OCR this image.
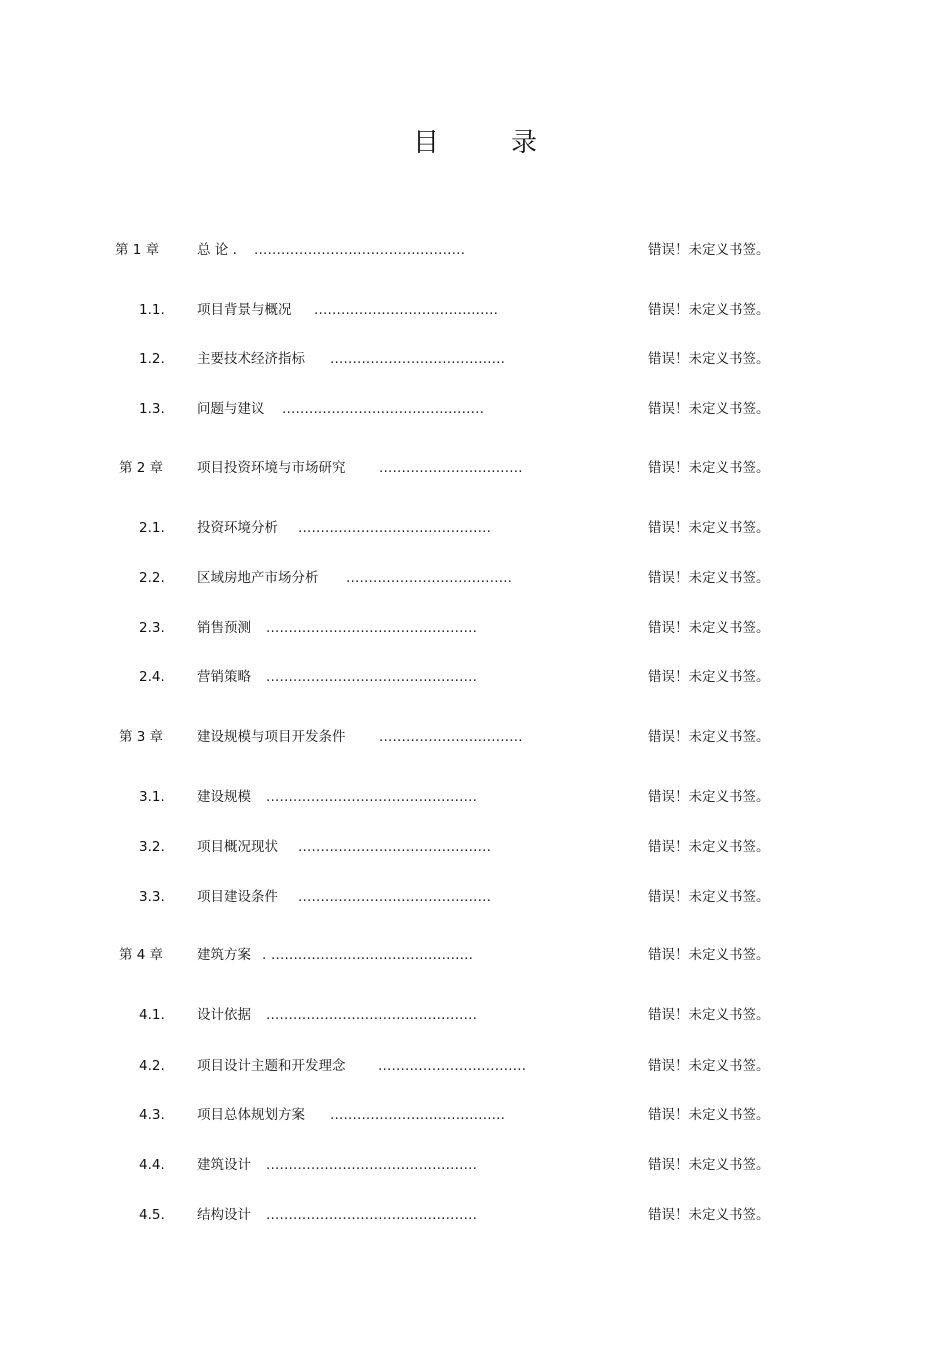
目	录
第 1 章	总 论 . ...............................................	错误！未定义书签。
1.1. 项目背景与概况 .........................................	错误！未定义书签。
1.2. 主要技术经济指标 .......................................	错误！未定义书签。
1.3. 问题与建议 .............................................	错误！未定义书签。
第 2 章	项目投资环境与市场研究 ................................	错误！未定义书签。
2.1. 投资环境分析 ...........................................	错误！未定义书签。
2.2. 区域房地产市场分析 .....................................	错误！未定义书签。
2.3. 销售预测 ...............................................	错误！未定义书签。
2.4. 营销策略 ...............................................	错误！未定义书签。
第 3 章	建设规模与项目开发条件 ................................	错误！未定义书签。
3.1. 建设规模 ...............................................	错误！未定义书签。
3.2. 项目概况现状 ...........................................	错误！未定义书签。
3.3. 项目建设条件 ...........................................	错误！未定义书签。
第 4 章	建筑方案 . .............................................	错误！未定义书签。
4.1. 设计依据 ...............................................	错误！未定义书签。
4.2. 项目设计主题和开发理念 .................................	错误！未定义书签。
4.3. 项目总体规划方案 .......................................	错误！未定义书签。
4.4. 建筑设计 ...............................................	错误！未定义书签。
4.5. 结构设计 ...............................................	错误！未定义书签。
